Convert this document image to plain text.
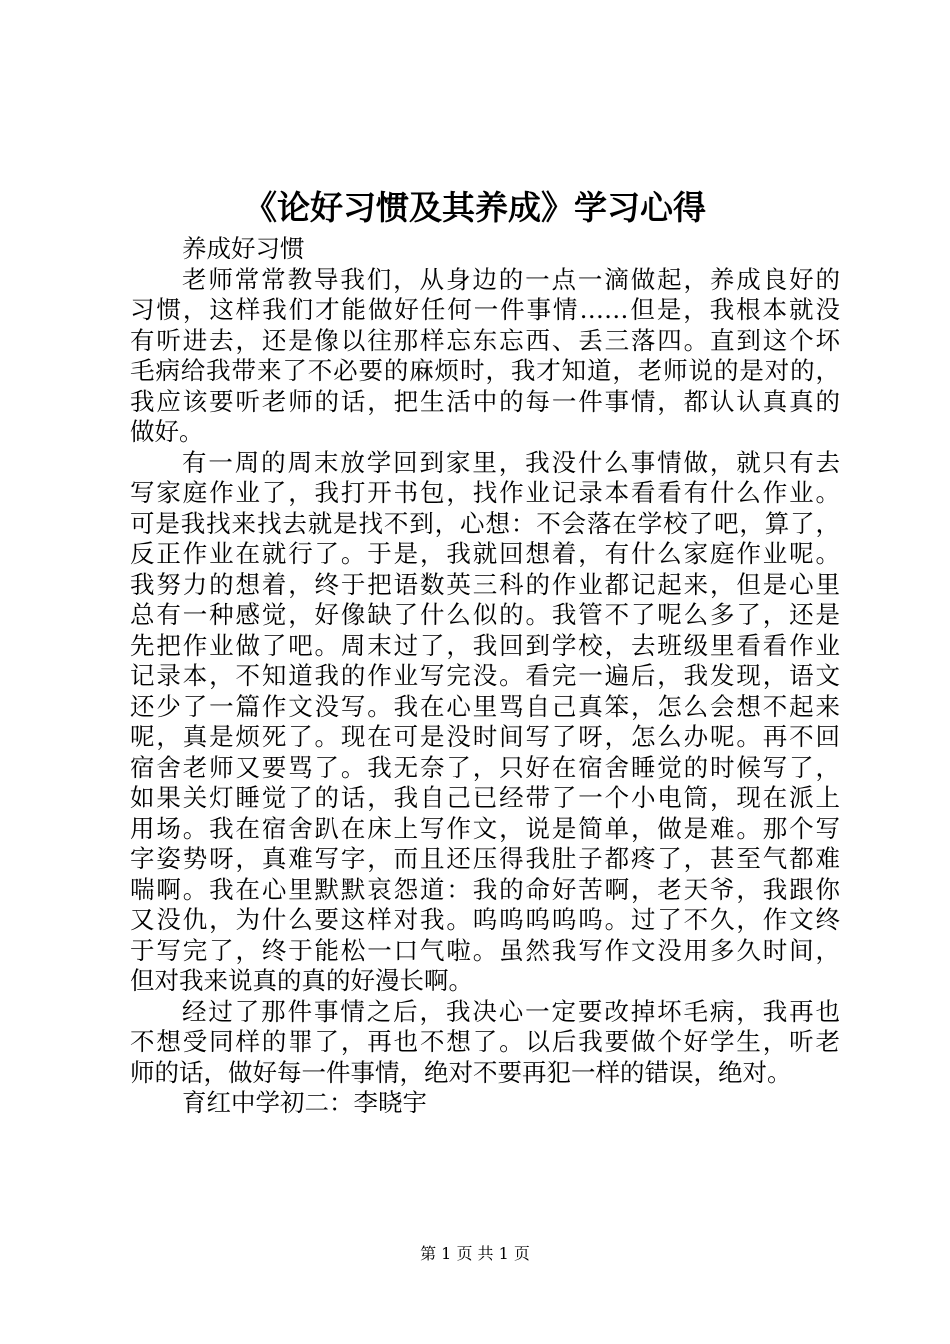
《论好习惯及其养成》学习心得
养成好习惯
老师常常教导我们，从身边的一点一滴做起，养成良好的
习惯，这样我们才能做好任何一件事情……但是，我根本就没
有听进去，还是像以往那样忘东忘西、丢三落四。直到这个坏
毛病给我带来了不必要的麻烦时，我才知道，老师说的是对的，
我应该要听老师的话，把生活中的每一件事情，都认认真真的
做好。
有一周的周末放学回到家里，我没什么事情做，就只有去
写家庭作业了，我打开书包，找作业记录本看看有什么作业。
可是我找来找去就是找不到，心想：不会落在学校了吧，算了，
反正作业在就行了。于是，我就回想着，有什么家庭作业呢。
我努力的想着，终于把语数英三科的作业都记起来，但是心里
总有一种感觉，好像缺了什么似的。我管不了呢么多了，还是
先把作业做了吧。周末过了，我回到学校，去班级里看看作业
记录本，不知道我的作业写完没。看完一遍后，我发现，语文
还少了一篇作文没写。我在心里骂自己真笨，怎么会想不起来
呢，真是烦死了。现在可是没时间写了呀，怎么办呢。再不回
宿舍老师又要骂了。我无奈了，只好在宿舍睡觉的时候写了，
如果关灯睡觉了的话，我自己已经带了一个小电筒，现在派上
用场。我在宿舍趴在床上写作文，说是简单，做是难。那个写
字姿势呀，真难写字，而且还压得我肚子都疼了，甚至气都难
喘啊。我在心里默默哀怨道：我的命好苦啊，老天爷，我跟你
又没仇，为什么要这样对我。呜呜呜呜呜。过了不久，作文终
于写完了，终于能松一口气啦。虽然我写作文没用多久时间，
但对我来说真的真的好漫长啊。
经过了那件事情之后，我决心一定要改掉坏毛病，我再也
不想受同样的罪了，再也不想了。以后我要做个好学生，听老
师的话，做好每一件事情，绝对不要再犯一样的错误，绝对。
育红中学初二：李晓宇
第 1 页 共 1 页
